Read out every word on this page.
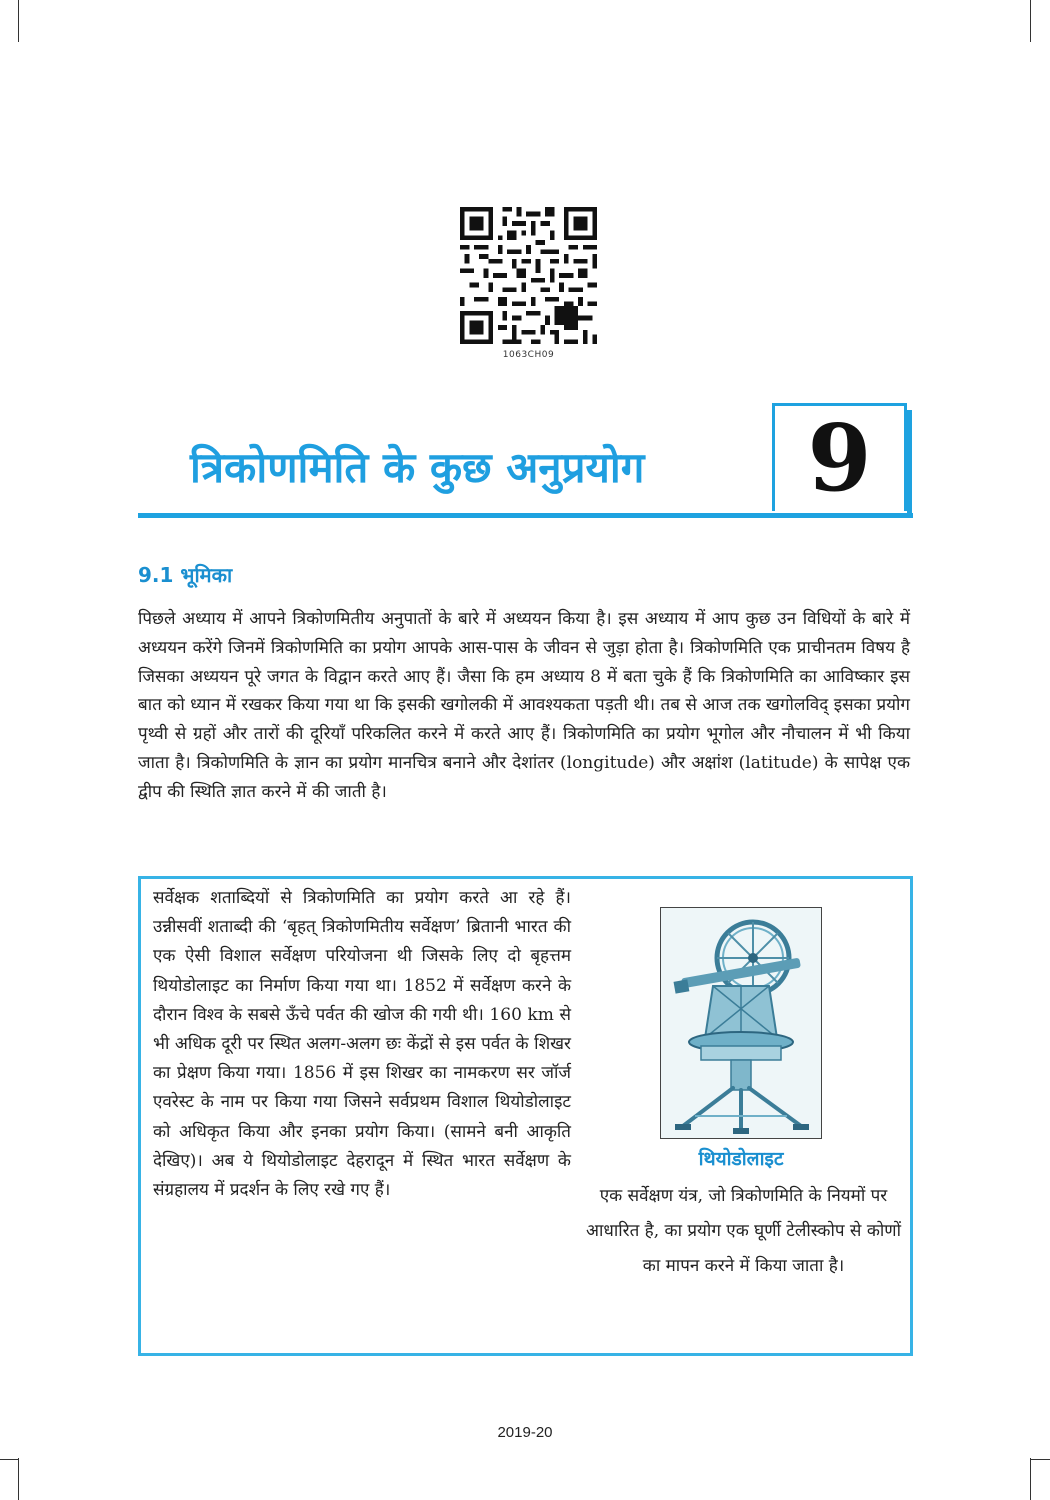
1063CH09
त्रिकोणमिति के कुछ अनुप्रयोग	9
9.1 भूमिका

पिछले अध्याय में आपने त्रिकोणमितीय अनुपातों के बारे में अध्ययन किया है। इस अध्याय में आप कुछ उन विधियों के बारे में अध्ययन करेंगे जिनमें त्रिकोणमिति का प्रयोग आपके आस-पास के जीवन से जुड़ा होता है। त्रिकोणमिति एक प्राचीनतम विषय है जिसका अध्ययन पूरे जगत के विद्वान करते आए हैं। जैसा कि हम अध्याय 8 में बता चुके हैं कि त्रिकोणमिति का आविष्कार इस बात को ध्यान में रखकर किया गया था कि इसकी खगोलकी में आवश्यकता पड़ती थी। तब से आज तक खगोलविद् इसका प्रयोग पृथ्वी से ग्रहों और तारों की दूरियाँ परिकलित करने में करते आए हैं। त्रिकोणमिति का प्रयोग भूगोल और नौचालन में भी किया जाता है। त्रिकोणमिति के ज्ञान का प्रयोग मानचित्र बनाने और देशांतर (longitude) और अक्षांश (latitude) के सापेक्ष एक द्वीप की स्थिति ज्ञात करने में की जाती है।

सर्वेक्षक शताब्दियों से त्रिकोणमिति का प्रयोग करते आ रहे हैं। उन्नीसवीं शताब्दी की ‘बृहत् त्रिकोणमितीय सर्वेक्षण’ ब्रितानी भारत की एक ऐसी विशाल सर्वेक्षण परियोजना थी जिसके लिए दो बृहत्तम थियोडोलाइट का निर्माण किया गया था। 1852 में सर्वेक्षण करने के दौरान विश्व के सबसे ऊँचे पर्वत की खोज की गयी थी। 160 km से भी अधिक दूरी पर स्थित अलग-अलग छः केंद्रों से इस पर्वत के शिखर का प्रेक्षण किया गया। 1856 में इस शिखर का नामकरण सर जॉर्ज एवरेस्ट के नाम पर किया गया जिसने सर्वप्रथम विशाल थियोडोलाइट को अधिकृत किया और इनका प्रयोग किया। (सामने बनी आकृति देखिए)। अब ये थियोडोलाइट देहरादून में स्थित भारत सर्वेक्षण के संग्रहालय में प्रदर्शन के लिए रखे गए हैं।

थियोडोलाइट

एक सर्वेक्षण यंत्र, जो त्रिकोणमिति के नियमों पर आधारित है, का प्रयोग एक घूर्णी टेलीस्कोप से कोणों का मापन करने में किया जाता है।

2019-20
